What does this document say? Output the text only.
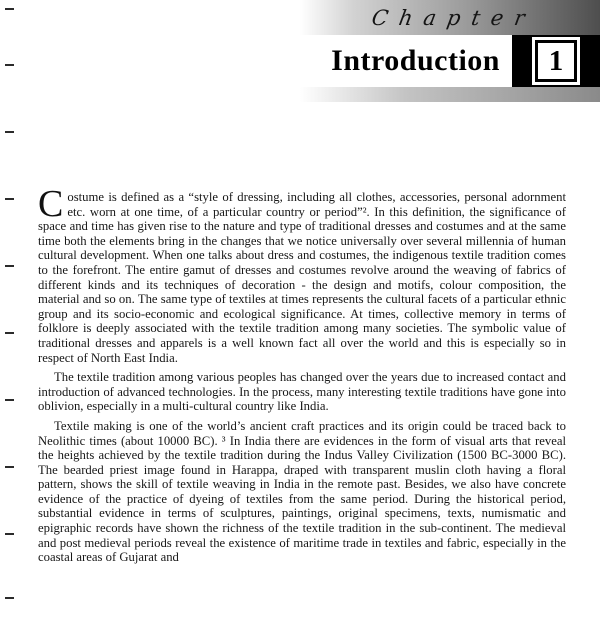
Chapter
Introduction	1

Costume is defined as a “style of dressing, including all clothes, accessories, personal adornment etc. worn at one time, of a particular country or period”². In this definition, the significance of space and time has given rise to the nature and type of traditional dresses and costumes and at the same time both the elements bring in the changes that we notice universally over several millennia of human cultural development. When one talks about dress and costumes, the indigenous textile tradition comes to the forefront. The entire gamut of dresses and costumes revolve around the weaving of fabrics of different kinds and its techniques of decoration - the design and motifs, colour composition, the material and so on. The same type of textiles at times represents the cultural facets of a particular ethnic group and its socio-economic and ecological significance. At times, collective memory in terms of folklore is deeply associated with the textile tradition among many societies. The symbolic value of traditional dresses and apparels is a well known fact all over the world and this is especially so in respect of North East India.

The textile tradition among various peoples has changed over the years due to increased contact and introduction of advanced technologies. In the process, many interesting textile traditions have gone into oblivion, especially in a multi-cultural country like India.

Textile making is one of the world’s ancient craft practices and its origin could be traced back to Neolithic times (about 10000 BC). ³ In India there are evidences in the form of visual arts that reveal the heights achieved by the textile tradition during the Indus Valley Civilization (1500 BC-3000 BC). The bearded priest image found in Harappa, draped with transparent muslin cloth having a floral pattern, shows the skill of textile weaving in India in the remote past. Besides, we also have concrete evidence of the practice of dyeing of textiles from the same period. During the historical period, substantial evidence in terms of sculptures, paintings, original specimens, texts, numismatic and epigraphic records have shown the richness of the textile tradition in the sub-continent. The medieval and post medieval periods reveal the existence of maritime trade in textiles and fabric, especially in the coastal areas of Gujarat and
